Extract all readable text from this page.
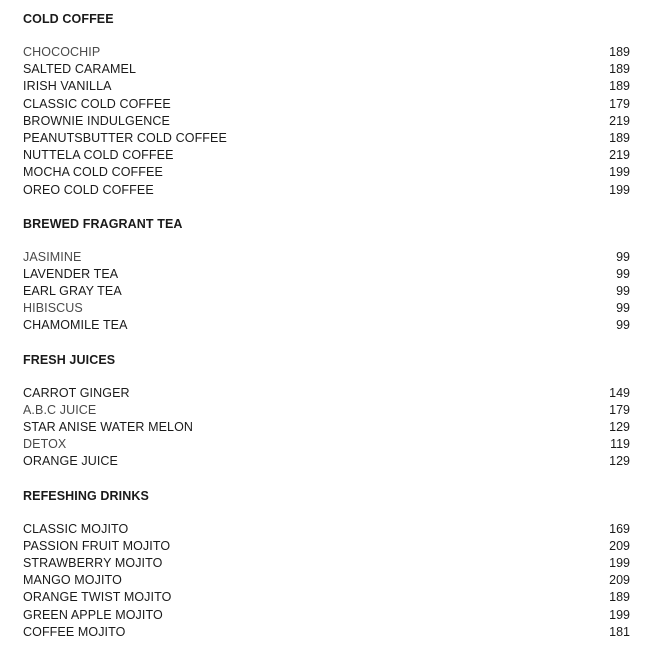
COLD COFFEE
CHOCOCHIP	189
SALTED CARAMEL	189
IRISH VANILLA	189
CLASSIC COLD COFFEE	179
BROWNIE INDULGENCE	219
PEANUTSBUTTER COLD COFFEE	189
NUTTELA COLD COFFEE	219
MOCHA COLD COFFEE	199
OREO COLD COFFEE	199
BREWED FRAGRANT TEA
JASIMINE	99
LAVENDER TEA	99
EARL GRAY TEA	99
HIBISCUS	99
CHAMOMILE TEA	99
FRESH JUICES
CARROT GINGER	149
A.B.C JUICE	179
STAR ANISE WATER MELON	129
DETOX	119
ORANGE JUICE	129
REFESHING DRINKS
CLASSIC MOJITO	169
PASSION FRUIT MOJITO	209
STRAWBERRY MOJITO	199
MANGO MOJITO	209
ORANGE TWIST MOJITO	189
GREEN APPLE MOJITO	199
COFFEE MOJITO	181
